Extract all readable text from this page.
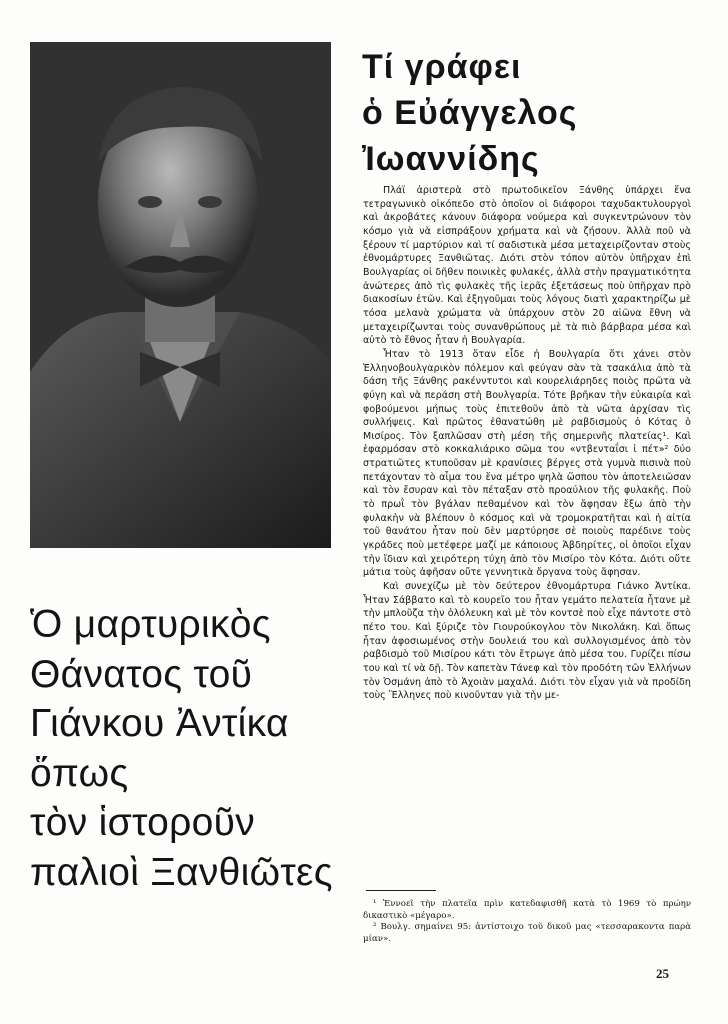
Τί γράφει
ὁ Εὐάγγελος
Ἰωαννίδης
Ὁ μαρτυρικὸς
Θάνατος τοῦ
Γιάνκου Ἀντίκα
ὅπως
τὸν ἱστοροῦν
παλιοὶ Ξανθιῶτες

Πλάϊ ἀριστερὰ στὸ πρωτοδικεῖον Ξάνθης ὑπάρχει ἕνα τετραγωνικὸ οἰκόπεδο στὸ ὁποῖον οἱ διάφοροι ταχυδακτυλουργοὶ καὶ ἀκροβάτες κάνουν διάφορα νούμερα καὶ συγκεντρώνουν τὸν κόσμο γιὰ νὰ εἰσπράξουν χρήματα καὶ νὰ ζήσουν. Ἀλλὰ ποῦ νὰ ξέρουν τί μαρτύριον καὶ τί σαδιστικὰ μέσα μεταχειρίζονταν στοὺς ἐθνομάρτυρες Ξανθιῶτας. Διότι στὸν τόπον αὐτὸν ὑπῆρχαν ἐπὶ Βουλγαρίας οἱ δῆθεν ποινικὲς φυλακές, ἀλλὰ στὴν πραγματικότητα ἀνώτερες ἀπὸ τὶς φυλακὲς τῆς ἱερᾶς ἐξετάσεως ποὺ ὑπῆρχαν πρὸ διακοσίων ἐτῶν. Καὶ ἐξηγοῦμαι τοὺς λόγους διατὶ χαρακτηρίζω μὲ τόσα μελανὰ χρώματα νὰ ὑπάρχουν στὸν 20 αἰῶνα ἔθνη νὰ μεταχειρίζωνται τοὺς συνανθρώπους μὲ τὰ πιὸ βάρβαρα μέσα καὶ αὐτὸ τὸ ἔθνος ἦταν ἡ Βουλγαρία.

Ἦταν τὸ 1913 ὅταν εἶδε ἡ Βουλγαρία ὅτι χάνει στὸν Ἑλληνοβουλγαρικὸν πόλεμον καὶ φεύγαν σὰν τὰ τσακάλια ἀπὸ τὰ δάση τῆς Ξάνθης ρακένντυτοι καὶ κουρελιάρηδες ποιὸς πρῶτα νὰ φύγη καὶ νὰ περάση στὴ Βουλγαρία. Τότε βρῆκαν τὴν εὐκαιρία καὶ φοβούμενοι μήπως τοὺς ἐπιτεθοῦν ἀπὸ τὰ νῶτα ἀρχίσαν τὶς συλλήψεις. Καὶ πρῶτος ἐθανατώθη μὲ ραβδισμοὺς ὁ Κότας ὁ Μισίρος. Τὸν ξαπλῶσαν στὴ μέση τῆς σημερινῆς πλατείας¹. Καὶ ἐφαρμόσαν στὸ κοκκαλιάρικο σῶμα του «ντβενταΐσι ἰ πέτ»² δύο στρατιῶτες κτυποῦσαν μὲ κρανίσιες βέργες στὰ γυμνὰ πισινὰ ποὺ πετάχονταν τὸ αἷμα του ἕνα μέτρο ψηλὰ ὥσπου τὸν ἀποτελειῶσαν καὶ τὸν ἔσυραν καὶ τὸν πέταξαν στὸ προαύλιον τῆς φυλακῆς. Ποὺ τὸ πρωῒ τὸν βγάλαν πεθαμένον καὶ τὸν ἄφησαν ἔξω ἀπὸ τὴν φυλακὴν νὰ βλέπουν ὁ κόσμος καὶ νὰ τρομοκρατῆται καὶ ἡ αἰτία τοῦ θανάτου ἦταν ποὺ δὲν μαρτύρησε σὲ ποιοὺς παρέδινε τοὺς γκράδες ποὺ μετέφερε μαζί με κάποιους Ἀβδηρίτες, οἱ ὁποῖοι εἶχαν τὴν ἴδιαν καὶ χειρότερη τύχη ἀπὸ τὸν Μισίρο τὸν Κότα. Διότι οὔτε μάτια τοὺς ἀφῆσαν οὔτε γεννητικὰ ὄργανα τοὺς ἄφησαν.

Καὶ συνεχίζω μὲ τὸν δεύτερον ἐθνομάρτυρα Γιάνκο Ἀντίκα. Ἦταν Σάββατο καὶ τὸ κουρεῖο του ἦταν γεμάτο πελατεία ἦτανε μὲ τὴν μπλοῦζα τὴν ὁλόλευκη καὶ μὲ τὸν κοντσὲ ποὺ εἶχε πάντοτε στὸ πέτο του. Καὶ ξύριζε τὸν Γιουρούκογλου τὸν Νικολάκη. Καὶ ὅπως ἦταν ἀφοσιωμένος στὴν δουλειά του καὶ συλλογισμένος ἀπὸ τὸν ραβδισμὸ τοῦ Μισίρου κάτι τὸν ἔτρωγε ἀπὸ μέσα του. Γυρίζει πίσω του καὶ τί νὰ δῇ. Τὸν καπετὰν Τάνεφ καὶ τὸν προδότη τῶν Ἑλλήνων τὸν Ὀσμάνη ἀπὸ τὸ Ἀχοιὰν μαχαλά. Διότι τὸν εἶχαν γιὰ νὰ προδίδη τοὺς Ἕλληνες ποὺ κινοῦνταν γιὰ τὴν με-

¹ Ἐννοεῖ τὴν πλατεῖα πρὶν κατεδαφισθῆ κατὰ τὸ 1969 τὸ πρώην δικαστικὸ «μέγαρο».

² Βουλγ. σημαίνει 95: ἀντίστοιχο τοῦ δικοῦ μας «τεσσαρακοντα παρὰ μίαν».

25
